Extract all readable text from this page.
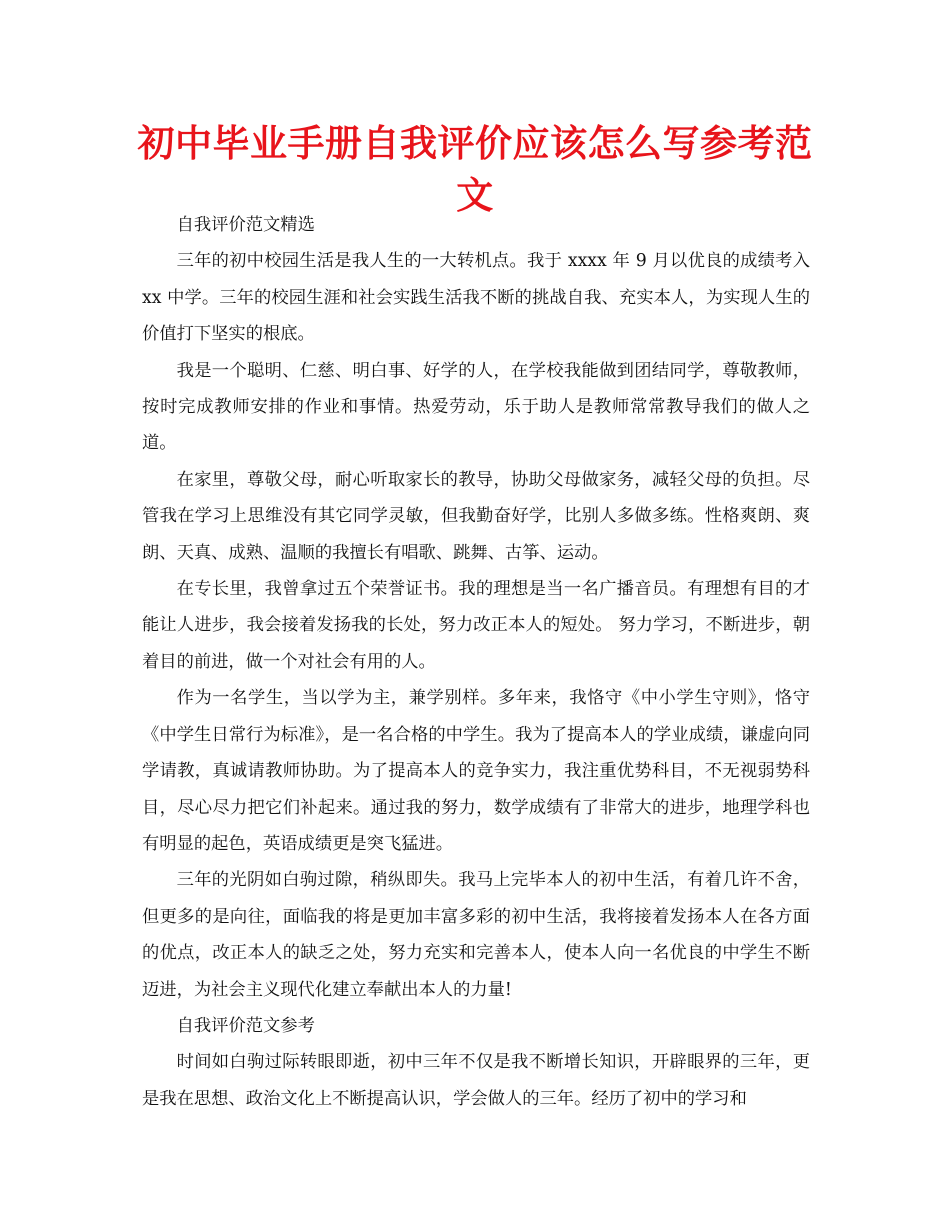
初中毕业手册自我评价应该怎么写参考范文

自我评价范文精选

三年的初中校园生活是我人生的一大转机点。我于 xxxx 年 9 月以优良的成绩考入 xx 中学。三年的校园生涯和社会实践生活我不断的挑战自我、充实本人，为实现人生的价值打下坚实的根底。

我是一个聪明、仁慈、明白事、好学的人，在学校我能做到团结同学，尊敬教师，按时完成教师安排的作业和事情。热爱劳动，乐于助人是教师常常教导我们的做人之道。

在家里，尊敬父母，耐心听取家长的教导，协助父母做家务，减轻父母的负担。尽管我在学习上思维没有其它同学灵敏，但我勤奋好学，比别人多做多练。性格爽朗、爽朗、天真、成熟、温顺的我擅长有唱歌、跳舞、古筝、运动。

在专长里，我曾拿过五个荣誉证书。我的理想是当一名广播音员。有理想有目的才能让人进步，我会接着发扬我的长处，努力改正本人的短处。 努力学习，不断进步，朝着目的前进，做一个对社会有用的人。

作为一名学生，当以学为主，兼学别样。多年来，我恪守《中小学生守则》，恪守《中学生日常行为标准》，是一名合格的中学生。我为了提高本人的学业成绩，谦虚向同学请教，真诚请教师协助。为了提高本人的竞争实力，我注重优势科目，不无视弱势科目，尽心尽力把它们补起来。通过我的努力，数学成绩有了非常大的进步，地理学科也有明显的起色，英语成绩更是突飞猛进。

三年的光阴如白驹过隙，稍纵即失。我马上完毕本人的初中生活，有着几许不舍，但更多的是向往，面临我的将是更加丰富多彩的初中生活，我将接着发扬本人在各方面的优点，改正本人的缺乏之处，努力充实和完善本人，使本人向一名优良的中学生不断迈进，为社会主义现代化建立奉献出本人的力量!

自我评价范文参考

时间如白驹过际转眼即逝，初中三年不仅是我不断增长知识，开辟眼界的三年，更是我在思想、政治文化上不断提高认识，学会做人的三年。经历了初中的学习和
